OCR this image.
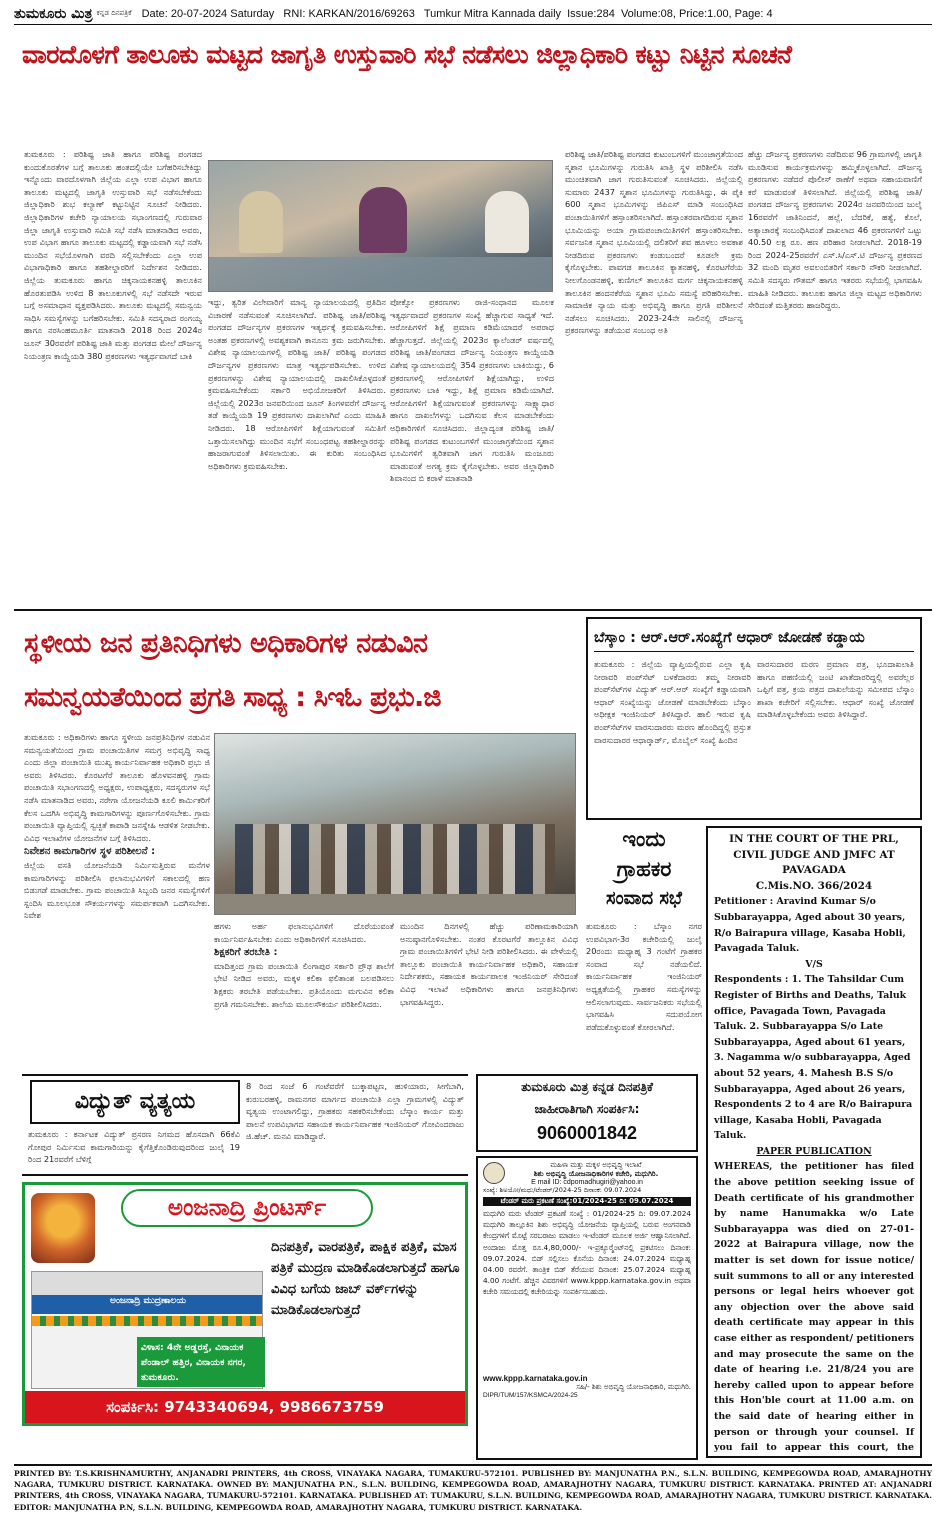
ತುಮಕೂರು ಮಿತ್ರ ಕನ್ನಡ ದಿನಪತ್ರಿಕೆ Date: 20-07-2024 Saturday   RNI: KARKAN/2016/69263   Tumkur Mitra Kannada daily  Issue:284  Volume:08, Price:1.00, Page: 4
ವಾರದೊಳಗೆ ತಾಲೂಕು ಮಟ್ಟದ ಜಾಗೃತಿ ಉಸ್ತುವಾರಿ ಸಭೆ ನಡೆಸಲು ಜಿಲ್ಲಾಧಿಕಾರಿ ಕಟ್ಟು ನಿಟ್ಟಿನ ಸೂಚನೆ
ತುಮಕೂರು : ಪರಿಶಿಷ್ಟ ಜಾತಿ ಹಾಗೂ ಪರಿಶಿಷ್ಟ ಪಂಗಡದ ಕುಂದುಕೊರತೆಗಳ ಬಗ್ಗೆ ತಾಲೂಕು ಹಂತದಲ್ಲಿಯೇ ಬಗೆಹರಿಸಬೇಕಿದ್ದು ಇನ್ನೊಂದು ವಾರದೊಳಗಾಗಿ ಜಿಲ್ಲೆಯ ಎಲ್ಲಾ ಉಪ ವಿಭಾಗ ಹಾಗೂ ತಾಲೂಕು ಮಟ್ಟದಲ್ಲಿ ಜಾಗೃತಿ ಉಸ್ತುವಾರಿ ಸಭೆ ನಡೆಸಬೇಕೆಂದು ಜಿಲ್ಲಾಧಿಕಾರಿ ಶುಭ ಕಲ್ಯಾಣ್ ಕಟ್ಟುನಿಟ್ಟಿನ ಸೂಚನೆ ನೀಡಿದರು. ಜಿಲ್ಲಾಧಿಕಾರಿಗಳ ಕಚೇರಿ ನ್ಯಾಯಾಲಯ ಸಭಾಂಗಣದಲ್ಲಿ ಗುರುವಾರ ಜಿಲ್ಲಾ ಜಾಗೃತಿ ಉಸ್ತುವಾರಿ ಸಮಿತಿ ಸಭೆ ನಡೆಸಿ ಮಾತನಾಡಿದ ಅವರು, ಉಪ ವಿಭಾಗ ಹಾಗೂ ತಾಲೂಕು ಮಟ್ಟದಲ್ಲಿ ಕಡ್ಡಾಯವಾಗಿ ಸಭೆ ನಡೆಸಿ ಮುಂದಿನ ಸಭೆಯೊಳಗಾಗಿ ವರದಿ ಸಲ್ಲಿಸಬೇಕೆಂದು ಎಲ್ಲಾ ಉಪ ವಿಭಾಗಾಧಿಕಾರಿ ಹಾಗೂ ತಹಶೀಲ್ದಾರರಿಗೆ ನಿರ್ದೇಶನ ನೀಡಿದರು. ಜಿಲ್ಲೆಯ ತುಮಕೂರು ಹಾಗೂ ಚಿಕ್ಕನಾಯಕನಹಳ್ಳಿ ತಾಲೂಕಿನ ಹೊರತುಪಡಿಸಿ ಉಳಿದ 8 ತಾಲೂಕುಗಳಲ್ಲಿ ಸಭೆ ನಡೆಸದೇ ಇರುವ ಬಗ್ಗೆ ಅಸಮಾಧಾನ ವ್ಯಕ್ತಪಡಿಸಿದರು. ತಾಲೂಕು ಮಟ್ಟದಲ್ಲಿ ಸಮನ್ವಯ ಸಾಧಿಸಿ ಸಮಸ್ಯೆಗಳನ್ನು ಬಗೆಹರಿಸಬೇಕು. ಸಮಿತಿ ಸದಸ್ಯರಾದ ರಂಗಯ್ಯ ಹಾಗೂ ನರಸಿಂಹಮೂರ್ತಿ ಮಾತನಾಡಿ 2018 ರಿಂದ 2024ರ ಜೂನ್ 30ರವರೆಗೆ ಪರಿಶಿಷ್ಟ ಜಾತಿ ಮತ್ತು ಪಂಗಡದ ಮೇಲೆ ದೌರ್ಜನ್ಯ ನಿಯಂತ್ರಣ ಕಾಯ್ದೆಯಡಿ 380 ಪ್ರಕರಣಗಳು ಇತ್ಯರ್ಥವಾಗದೆ ಬಾಕಿ
ಇದ್ದು, ತ್ವರಿತ ವಿಲೇವಾರಿಗೆ ಮಾನ್ಯ ನ್ಯಾಯಾಲಯದಲ್ಲಿ ಪ್ರತಿದಿನ ವಿಚಾರಣೆ ನಡೆಸುವಂತೆ ಸೂಚಿಸಲಾಗಿದೆ. ಪರಿಶಿಷ್ಟ ಜಾತಿ/ಪರಿಶಿಷ್ಟ ಪಂಗಡದ ದೌರ್ಜನ್ಯಗಳ ಪ್ರಕರಣಗಳ ಇತ್ಯರ್ಥಕ್ಕೆ ಕ್ರಮವಹಿಸಬೇಕು. ಅಂತಹ ಪ್ರಕರಣಗಳಲ್ಲಿ ಅವಶ್ಯಕವಾಗಿ ಕಾನೂನು ಕ್ರಮ ಜರುಗಿಸಬೇಕು. ವಿಶೇಷ ನ್ಯಾಯಾಲಯಗಳಲ್ಲಿ ಪರಿಶಿಷ್ಟ ಜಾತಿ/ ಪರಿಶಿಷ್ಟ ಪಂಗಡದ ದೌರ್ಜನ್ಯಗಳ ಪ್ರಕರಣಗಳು ಮಾತ್ರ ಇತ್ಯರ್ಥಪಡಿಸಬೇಕು. ಉಳಿದ ಪ್ರಕರಣಗಳನ್ನು ವಿಶೇಷ ನ್ಯಾಯಾಲಯದಲ್ಲಿ ದಾಖಲಿಸಿಕೊಳ್ಳದಂತೆ ಕ್ರಮವಹಿಸಬೇಕೆಂದು ಸರ್ಕಾರಿ ಅಭಿಯೋಜಕರಿಗೆ ತಿಳಿಸಿದರು. ಜಿಲ್ಲೆಯಲ್ಲಿ 2023ರ ಜನವರಿಯಿಂದ ಜೂನ್ ತಿಂಗಳವರೆಗೆ ದೌರ್ಜನ್ಯ ತಡೆ ಕಾಯ್ದೆಯಡಿ 19 ಪ್ರಕರಣಗಳು ದಾಖಲಾಗಿವೆ ಎಂದು ಮಾಹಿತಿ ನೀಡಿದರು. 18 ಆರೋಪಿಗಳಿಗೆ ಶಿಕ್ಷೆಯಾಗುವಂತೆ ಸಮಿತಿಗೆ ಒತ್ತಾಯಿಸಲಾಗಿದ್ದು ಮುಂದಿನ ಸಭೆಗೆ ಸಂಬಂಧಪಟ್ಟ ತಹಶೀಲ್ದಾರರನ್ನು ಹಾಜರಾಗುವಂತೆ ತಿಳಿಸಲಾಯಿತು. ಈ ಕುರಿತು ಸಂಬಂಧಿಸಿದ ಅಧಿಕಾರಿಗಳು ಕ್ರಮವಹಿಸಬೇಕು.
ಪೋಕ್ಸೋ ಪ್ರಕರಣಗಳು ರಾಜಿ-ಸಂಧಾನದ ಮೂಲಕ ಇತ್ಯರ್ಥವಾದರೆ ಪ್ರಕರಣಗಳ ಸಂಖ್ಯೆ ಹೆಚ್ಚಾಗುವ ಸಾಧ್ಯತೆ ಇದೆ. ಆರೋಪಿಗಳಿಗೆ ಶಿಕ್ಷೆ ಪ್ರಮಾಣ ಕಡಿಮೆಯಾದರೆ ಅಪರಾಧ ಹೆಚ್ಚಾಗುತ್ತದೆ. ಜಿಲ್ಲೆಯಲ್ಲಿ 2023ರ ಕ್ಯಾಲೆಂಡರ್ ವರ್ಷದಲ್ಲಿ ಪರಿಶಿಷ್ಟ ಜಾತಿ/ಪಂಗಡದ ದೌರ್ಜನ್ಯ ನಿಯಂತ್ರಣ ಕಾಯ್ದೆಯಡಿ ವಿಶೇಷ ನ್ಯಾಯಾಲಯದಲ್ಲಿ 354 ಪ್ರಕರಣಗಳು ಬಾಕಿಯಿದ್ದು, 6 ಪ್ರಕರಣಗಳಲ್ಲಿ ಆರೋಪಿಗಳಿಗೆ ಶಿಕ್ಷೆಯಾಗಿದ್ದು, ಉಳಿದ ಪ್ರಕರಣಗಳು ಬಾಕಿ ಇದ್ದು, ಶಿಕ್ಷೆ ಪ್ರಮಾಣ ಕಡಿಮೆಯಾಗಿದೆ. ಆರೋಪಿಗಳಿಗೆ ಶಿಕ್ಷೆಯಾಗುವಂತೆ ಪ್ರಕರಣಗಳನ್ನು ಸಾಕ್ಷ್ಯಾಧಾರ ಹಾಗೂ ದಾಖಲೆಗಳನ್ನು ಒದಗಿಸುವ ಕೆಲಸ ಮಾಡಬೇಕೆಂದು ಅಧಿಕಾರಿಗಳಿಗೆ ಸೂಚಿಸಿದರು. ಜಿಲ್ಲಾದ್ಯಂತ ಪರಿಶಿಷ್ಟ ಜಾತಿ/ಪರಿಶಿಷ್ಟ ಪಂಗಡದ ಕುಟುಂಬಗಳಿಗೆ ಮುಂಜಾಗ್ರತೆಯಿಂದ ಸ್ಮಶಾನ ಭೂಮಿಗಳಿಗೆ ತ್ವರಿತವಾಗಿ ಜಾಗ ಗುರುತಿಸಿ ಮಂಜೂರು ಮಾಡುವಂತೆ ಅಗತ್ಯ ಕ್ರಮ ಕೈಗೊಳ್ಳಬೇಕು. ಅವರ ಜಿಲ್ಲಾಧಿಕಾರಿ ಶಿವಾನಂದ ಬಿ ಕರಾಳೆ ಮಾತನಾಡಿ
ಪರಿಶಿಷ್ಟ ಜಾತಿ/ಪರಿಶಿಷ್ಟ ಪಂಗಡದ ಕುಟುಂಬಗಳಿಗೆ ಮುಂಜಾಗ್ರತೆಯಿಂದ ಸ್ಮಶಾನ ಭೂಮಿಗಳನ್ನು ಗುರುತಿಸಿ ಖಾತ್ರಿ ಸ್ಥಳ ಪರಿಶೀಲಿಸಿ ನಡೆಸಿ ಮುಂಚಿತವಾಗಿ ಜಾಗ ಗುರುತಿಸುವಂತೆ ಸೂಚಿಸಿದರು. ಜಿಲ್ಲೆಯಲ್ಲಿ ಸುಮಾರು 2437 ಸ್ಮಶಾನ ಭೂಮಿಗಳನ್ನು ಗುರುತಿಸಿದ್ದು, ಈ ಪೈಕಿ 600 ಸ್ಮಶಾನ ಭೂಮಿಗಳನ್ನು ಜಿಪಿಎಸ್ ಮಾಡಿ ಸಂಬಂಧಿಸಿದ ಪಂಚಾಯಿತಿಗಳಿಗೆ ಹಸ್ತಾಂತರಿಸಲಾಗಿದೆ. ಹಸ್ತಾಂತರವಾಗದಿರುವ ಸ್ಮಶಾನ ಭೂಮಿಯನ್ನು ಅಯಾ ಗ್ರಾಮಪಂಚಾಯಿತಿಗಳಿಗೆ ಹಸ್ತಾಂತರಿಸಬೇಕು. ಸರ್ವಜನಿಕ ಸ್ಮಶಾನ ಭೂಮಿಯಲ್ಲಿ ದಲಿತರಿಗೆ ಶವ ಹೂಳಲು ಅವಕಾಶ ನೀಡದಿರುವ ಪ್ರಕರಣಗಳು ಕಂಡುಬಂದರೆ ಕೂಡಲೇ ಕ್ರಮ ಕೈಗೊಳ್ಳಬೇಕು. ಪಾವಗಡ ತಾಲೂಕಿನ ಕ್ಯಾತನಹಳ್ಳಿ, ಕೊರಟಗೆರೆಯ ನೀಲಗೊಂಡನಹಳ್ಳಿ, ಕುಣಿಗಲ್ ತಾಲೂಕಿನ ಮರ್ಗ ಚಿಕ್ಕನಾಯಕನಹಳ್ಳಿ ತಾಲೂಕಿನ ಹಂದನಕೆರೆಯ ಸ್ಮಶಾನ ಭೂಮಿ ಸಮಸ್ಯೆ ಪರಿಹರಿಸಬೇಕು. ಸಾಮಾಜಿಕ ನ್ಯಾಯ ಮತ್ತು ಅಭಿವೃದ್ಧಿ ಹಾಗೂ ಪ್ರಗತಿ ಪರಿಶೀಲನೆ ನಡೆಸಲು ಸೂಚಿಸಿದರು. 2023-24ನೇ ಸಾಲಿನಲ್ಲಿ ದೌರ್ಜನ್ಯ ಪ್ರಕರಣಗಳನ್ನು ತಡೆಯುವ ಸಂಬಂಧ ಅತಿ
ಹೆಚ್ಚು ದೌರ್ಜನ್ಯ ಪ್ರಕರಣಗಳು ನಡೆದಿರುವ 96 ಗ್ರಾಮಗಳಲ್ಲಿ ಜಾಗೃತಿ ಮೂಡಿಸುವ ಕಾರ್ಯಕ್ರಮಗಳನ್ನು ಹಮ್ಮಿಕೊಳ್ಳಲಾಗಿದೆ. ದೌರ್ಜನ್ಯ ಪ್ರಕರಣಗಳು ನಡೆದರೆ ಪೊಲೀಸ್ ಠಾಣೆಗೆ ಅಥವಾ ಸಹಾಯವಾಣಿಗೆ ಕರೆ ಮಾಡುವಂತೆ ತಿಳಿಸಲಾಗಿದೆ. ಜಿಲ್ಲೆಯಲ್ಲಿ ಪರಿಶಿಷ್ಟ ಜಾತಿ/ಪಂಗಡದ ದೌರ್ಜನ್ಯ ಪ್ರಕರಣಗಳು 2024ರ ಜನವರಿಯಿಂದ ಜುಲೈ 16ರವರೆಗೆ ಜಾತಿನಿಂದನೆ, ಹಲ್ಲೆ, ಬೆದರಿಕೆ, ಹತ್ಯೆ, ಕೊಲೆ, ಅತ್ಯಾಚಾರಕ್ಕೆ ಸಂಬಂಧಿಸಿದಂತೆ ದಾಖಲಾದ 46 ಪ್ರಕರಣಗಳಿಗೆ ಒಟ್ಟು 40.50 ಲಕ್ಷ ರೂ. ಹಣ ಪರಿಹಾರ ನೀಡಲಾಗಿದೆ. 2018-19 ರಿಂದ 2024-25ರವರೆಗೆ ಎಸ್.ಸಿ/ಎಸ್.ಟಿ ದೌರ್ಜನ್ಯ ಪ್ರಕರಣದ 32 ಮಂದಿ ಮೃತರ ಅವಲಂಬಿತರಿಗೆ ಸರ್ಕಾರಿ ನೌಕರಿ ನೀಡಲಾಗಿದೆ. ಸಮಿತಿ ಸದಸ್ಯರು ಗೌತಮ್ ಹಾಗೂ ಇತರರು ಸಭೆಯಲ್ಲಿ ಭಾಗವಹಿಸಿ ಮಾಹಿತಿ ನೀಡಿದರು. ತಾಲೂಕು ಹಾಗೂ ಜಿಲ್ಲಾ ಮಟ್ಟದ ಅಧಿಕಾರಿಗಳು ಸೇರಿದಂತೆ ಮತ್ತಿತರರು ಹಾಜರಿದ್ದರು.
ಸ್ಥಳೀಯ ಜನ ಪ್ರತಿನಿಧಿಗಳು ಅಧಿಕಾರಿಗಳ ನಡುವಿನ
ಸಮನ್ವಯತೆಯಿಂದ ಪ್ರಗತಿ ಸಾಧ್ಯ : ಸಿಇಓ ಪ್ರಭು.ಜಿ
ತುಮಕೂರು : ಅಧಿಕಾರಿಗಳು ಹಾಗೂ ಸ್ಥಳೀಯ ಜನಪ್ರತಿನಿಧಿಗಳ ನಡುವಿನ ಸಮನ್ವಯತೆಯಿಂದ ಗ್ರಾಮ ಪಂಚಾಯಿತಿಗಳ ಸಮಗ್ರ ಅಭಿವೃದ್ಧಿ ಸಾಧ್ಯ ಎಂದು ಜಿಲ್ಲಾ ಪಂಚಾಯಿತಿ ಮುಖ್ಯ ಕಾರ್ಯನಿರ್ವಾಹಕ ಅಧಿಕಾರಿ ಪ್ರಭು ಜಿ ಅವರು ತಿಳಿಸಿದರು. ಕೊರಟಗೆರೆ ತಾಲೂಕು ಹೊಳವನಹಳ್ಳಿ ಗ್ರಾಮ ಪಂಚಾಯಿತಿ ಸಭಾಂಗಣದಲ್ಲಿ ಅಧ್ಯಕ್ಷರು, ಉಪಾಧ್ಯಕ್ಷರು, ಸದಸ್ಯರುಗಳ ಸಭೆ ನಡೆಸಿ ಮಾತನಾಡಿದ ಅವರು, ನರೇಗಾ ಯೋಜನೆಯಡಿ ಕೂಲಿ ಕಾರ್ಮಿಕರಿಗೆ ಕೆಲಸ ಒದಗಿಸಿ ಅಭಿವೃದ್ಧಿ ಕಾಮಗಾರಿಗಳನ್ನು ಪೂರ್ಣಗೊಳಿಸಬೇಕು. ಗ್ರಾಮ ಪಂಚಾಯಿತಿ ವ್ಯಾಪ್ತಿಯಲ್ಲಿ ಸ್ವಚ್ಛತೆ ಕಾಪಾಡಿ ಜನಸ್ನೇಹಿ ಆಡಳಿತ ನೀಡಬೇಕು. ವಿವಿಧ ಇಲಾಖೆಗಳ ಯೋಜನೆಗಳ ಬಗ್ಗೆ ತಿಳಿಸಿದರು.
ನಿವೇಶನ ಕಾಮಗಾರಿಗಳ ಸ್ಥಳ ಪರಿಶೀಲನೆ :
ಜಿಲ್ಲೆಯ ವಸತಿ ಯೋಜನೆಯಡಿ ನಿರ್ಮಿಸುತ್ತಿರುವ ಮನೆಗಳ ಕಾಮಗಾರಿಗಳನ್ನು ಪರಿಶೀಲಿಸಿ ಫಲಾನುಭವಿಗಳಿಗೆ ಸಕಾಲದಲ್ಲಿ ಹಣ ಬಿಡುಗಡೆ ಮಾಡಬೇಕು. ಗ್ರಾಮ ಪಂಚಾಯಿತಿ ಸಿಬ್ಬಂದಿ ಜನರ ಸಮಸ್ಯೆಗಳಿಗೆ ಸ್ಪಂದಿಸಿ ಮೂಲಭೂತ ಸೌಕರ್ಯಗಳನ್ನು ಸಮರ್ಪಕವಾಗಿ ಒದಗಿಸಬೇಕು. ನಿವೇಶ
ಹಗಳು ಅರ್ಹ ಫಲಾನುಭವಿಗಳಿಗೆ ದೊರೆಯುವಂತೆ ಕಾರ್ಯನಿರ್ವಹಿಸಬೇಕು ಎಂದು ಅಧಿಕಾರಿಗಳಿಗೆ ಸೂಚಿಸಿದರು.
ಶಿಕ್ಷಕರಿಗೆ ತರಬೇತಿ :
ಮಾದಿತ್ತಂದ ಗ್ರಾಮ ಪಂಚಾಯಿತಿ ಲಿಂಗಾಪುರ ಸರ್ಕಾರಿ ಪ್ರೌಢ ಶಾಲೆಗೆ ಭೇಟಿ ನೀಡಿದ ಅವರು, ಮಕ್ಕಳ ಕಲಿಕಾ ಫಲಿತಾಂಶ ಬಲಪಡಿಸಲು ಶಿಕ್ಷಕರು ತರಬೇತಿ ಪಡೆಯಬೇಕು. ಪ್ರತಿಯೊಂದು ಮಗುವಿನ ಕಲಿಕಾ ಪ್ರಗತಿ ಗಮನಿಸಬೇಕು. ಶಾಲೆಯ ಮೂಲಸೌಕರ್ಯ ಪರಿಶೀಲಿಸಿದರು.
ಮುಂದಿನ ದಿನಗಳಲ್ಲಿ ಹೆಚ್ಚು ಪರಿಣಾಮಕಾರಿಯಾಗಿ ಅನುಷ್ಠಾನಗೊಳಿಸಬೇಕು. ನಂತರ ಕೊರಟಗೆರೆ ತಾಲ್ಲೂಕಿನ ವಿವಿಧ ಗ್ರಾಮ ಪಂಚಾಯಿತಿಗಳಿಗೆ ಭೇಟಿ ನೀಡಿ ಪರಿಶೀಲಿಸಿದರು. ಈ ವೇಳೆಯಲ್ಲಿ ತಾಲ್ಲೂಕು ಪಂಚಾಯಿತಿ ಕಾರ್ಯನಿರ್ವಾಹಕ ಅಧಿಕಾರಿ, ಸಹಾಯಕ ನಿರ್ದೇಶಕರು, ಸಹಾಯಕ ಕಾರ್ಯಪಾಲಕ ಇಂಜಿನಿಯರ್ ಸೇರಿದಂತೆ ವಿವಿಧ ಇಲಾಖೆ ಅಧಿಕಾರಿಗಳು ಹಾಗೂ ಜನಪ್ರತಿನಿಧಿಗಳು ಭಾಗವಹಿಸಿದ್ದರು.
ಬೆಸ್ಕಾಂ : ಆರ್.ಆರ್.ಸಂಖ್ಯೆಗೆ ಆಧಾರ್ ಜೋಡಣೆ ಕಡ್ಡಾಯ
ತುಮಕೂರು : ಜಿಲ್ಲೆಯ ವ್ಯಾಪ್ತಿಯಲ್ಲಿರುವ ಎಲ್ಲಾ ಕೃಷಿ ನೀರಾವರಿ ಪಂಪ್‍ಸೆಟ್ ಬಳಕೆದಾರರು ತಮ್ಮ ನೀರಾವರಿ ಪಂಪ್‍ಸೆಟ್‍ಗಳ ವಿದ್ಯುತ್ ಆರ್.ಆರ್ ಸಂಖ್ಯೆಗೆ ಕಡ್ಡಾಯವಾಗಿ ಆಧಾರ್ ಸಂಖ್ಯೆಯನ್ನು ಜೋಡಣೆ ಮಾಡಬೇಕೆಂದು ಬೆಸ್ಕಾಂ ಅಧೀಕ್ಷಕ ಇಂಜಿನಿಯರ್ ತಿಳಿಸಿದ್ದಾರೆ. ಹಾಲಿ ಇರುವ ಕೃಷಿ ಪಂಪ್‍ಸೆಟ್‍ಗಳ ವಾರಸುದಾರರು ಮರಣ ಹೊಂದಿದ್ದಲ್ಲಿ ಪ್ರಸ್ತುತ ವಾರಸುದಾರರ ಆಧಾರ್‍ಕಾರ್ಡ್, ಮೊಬೈಲ್ ಸಂಖ್ಯೆ ಹಿಂದಿನ
ವಾರಸುದಾರರ ಮರಣ ಪ್ರಮಾಣ ಪತ್ರ, ಭೂದಾಖಲಾತಿ ಹಾಗೂ ಪಹಣಿಯಲ್ಲಿ ಜಂಟಿ ಖಾತೆದಾರರಿದ್ದಲ್ಲಿ ಅವರೆಲ್ಲರ ಒಪ್ಪಿಗೆ ಪತ್ರ, ಕ್ರಯ ಪತ್ರದ ದಾಖಲೆಯನ್ನು ಸಮೀಪದ ಬೆಸ್ಕಾಂ ಶಾಖಾ ಕಚೇರಿಗೆ ಸಲ್ಲಿಸಬೇಕು. ಆಧಾರ್ ಸಂಖ್ಯೆ ಜೋಡಣೆ ಮಾಡಿಸಿಕೊಳ್ಳಬೇಕೆಂದು ಅವರು ತಿಳಿಸಿದ್ದಾರೆ.
ಇಂದು
ಗ್ರಾಹಕರ
ಸಂವಾದ ಸಭೆ
ತುಮಕೂರು : ಬೆಸ್ಕಾಂ ನಗರ ಉಪವಿಭಾಗ-3ರ ಕಚೇರಿಯಲ್ಲಿ ಜುಲೈ 20ರಂದು ಮಧ್ಯಾಹ್ನ 3 ಗಂಟೆಗೆ ಗ್ರಾಹಕರ ಸಂವಾದ ಸಭೆ ನಡೆಯಲಿದೆ. ಕಾರ್ಯನಿರ್ವಾಹಕ ಇಂಜಿನಿಯರ್ ಅಧ್ಯಕ್ಷತೆಯಲ್ಲಿ ಗ್ರಾಹಕರ ಸಮಸ್ಯೆಗಳನ್ನು ಆಲಿಸಲಾಗುವುದು. ಸಾರ್ವಜನಿಕರು ಸಭೆಯಲ್ಲಿ ಭಾಗವಹಿಸಿ ಸದುಪಯೋಗ ಪಡೆದುಕೊಳ್ಳುವಂತೆ ಕೋರಲಾಗಿದೆ.

IN THE COURT OF THE PRL, CIVIL JUDGE AND JMFC AT PAVAGADA

C.Mis.NO. 366/2024

Petitioner : Aravind Kumar S/o Subbarayappa, Aged about 30 years, R/o Bairapura village, Kasaba Hobli, Pavagada Taluk.

V/S

Respondents : 1. The Tahsildar Cum Register of Births and Deaths, Taluk office, Pavagada Town, Pavagada Taluk. 2. Subbarayappa S/o Late Subbarayappa, Aged about 61 years, 3. Nagamma w/o subbarayappa, Aged about 52 years, 4. Mahesh B.S S/o Subbarayappa, Aged about 26 years, Respondents 2 to 4 are R/o Bairapura village, Kasaba Hobli, Pavagada Taluk.

PAPER PUBLICATION

WHEREAS, the petitioner has filed the above petition seeking issue of Death certificate of his grandmother by name Hanumakka w/o Late Subbarayappa was died on 27-01-2022 at Bairapura village, now the matter is set down for issue notice/ suit summons to all or any interested persons or legal heirs whoever got any objection over the above said death certificate may appear in this case either as respondent/ petitioners and may prosecute the same on the date of hearing i.e. 21/8/24 you are hereby called upon to appear before this Hon'ble court at 11.00 a.m. on the said date of hearing either in person or through your counsel. If you fail to appear this court, the

ವಿದ್ಯುತ್ ವ್ಯತ್ಯಯ
ತುಮಕೂರು : ಕರ್ನಾಟಕ ವಿದ್ಯುತ್ ಪ್ರಸರಣ ನಿಗಮದ ಹೊಸದಾಗಿ 66ಕೆವಿ ಗೋಪುರ ನಿರ್ಮಿಸುವ ಕಾಮಗಾರಿಯನ್ನು ಕೈಗೆತ್ತಿಕೊಂಡಿರುವುದರಿಂದ ಜುಲೈ 19 ರಿಂದ 21ರವರೆಗೆ ಬೆಳಿಗ್ಗೆ
8 ರಿಂದ ಸಂಜೆ 6 ಗಂಟೆವರೆಗೆ ಬುಕ್ಕಾಪಟ್ಟಣ, ಹುಳಿಯಾರು, ಸೀಗೆಬಾಗಿ, ಕುರುಬರಹಳ್ಳಿ, ರಾಮನಗರ ಮಾರ್ಗದ ಪಂಚಾಯಿತಿ ಎಲ್ಲಾ ಗ್ರಾಮಗಳಲ್ಲಿ ವಿದ್ಯುತ್ ವ್ಯತ್ಯಯ ಉಂಟಾಗಲಿದ್ದು, ಗ್ರಾಹಕರು ಸಹಕರಿಸಬೇಕೆಂದು ಬೆಸ್ಕಾಂ ಕಾರ್ಯ ಮತ್ತು ಪಾಲನೆ ಉಪವಿಭಾಗದ ಸಹಾಯಕ ಕಾರ್ಯನಿರ್ವಾಹಕ ಇಂಜಿನಿಯರ್ ಗೋವಿಂದರಾಜು ಜಿ.ಹೆಚ್. ಮನವಿ ಮಾಡಿದ್ದಾರೆ.
ತುಮಕೂರು ಮಿತ್ರ ಕನ್ನಡ ದಿನಪತ್ರಿಕೆ
ಜಾಹೀರಾತಿಗಾಗಿ ಸಂಪರ್ಕಿಸಿ:
9060001842
ಅಂಜನಾದ್ರಿ ಪ್ರಿಂಟರ್ಸ್
ಅಂಜನಾದ್ರಿ ಮುದ್ರಣಾಲಯ
ದಿನಪತ್ರಿಕೆ, ವಾರಪತ್ರಿಕೆ, ಪಾಕ್ಷಿಕ ಪತ್ರಿಕೆ, ಮಾಸ ಪತ್ರಿಕೆ ಮುದ್ರಣ ಮಾಡಿಕೊಡಲಾಗುತ್ತದೆ ಹಾಗೂ ವಿವಿಧ ಬಗೆಯ ಜಾಬ್ ವರ್ಕ್‍ಗಳನ್ನು ಮಾಡಿಕೊಡಲಾಗುತ್ತದೆ
ವಿಳಾಸ: 4ನೇ ಅಡ್ಡರಸ್ತೆ, ವಿನಾಯಕ ಪೆಂಡಾಲ್ ಹತ್ತಿರ, ವಿನಾಯಕ ನಗರ, ತುಮಕೂರು.
ಸಂಪರ್ಕಿಸಿ: 9743340694, 9986673759
ಮಹಿಳಾ ಮತ್ತು ಮಕ್ಕಳ ಅಭಿವೃದ್ಧಿ ಇಲಾಖೆ
ಶಿಶು ಅಭಿವೃದ್ಧಿ ಯೋಜನಾಧಿಕಾರಿಗಳ ಕಚೇರಿ, ಮಧುಗಿರಿ.
E mail ID: cdpomadhugiri@yahoo.in
ಸಂಖ್ಯೆ: ಶಿಅಯೋ/ಮಧು/ಟೆಂಡರ್/2024-25 ದಿನಾಂಕ: 09.07.2024
ಟೆಂಡರ್ ಮರು ಪ್ರಕಟಣೆ ಸಂಖ್ಯೆ:01/2024-25 ದಿ: 09.07.2024
ಮಧುಗಿರಿ ಮರು ಟೆಂಡರ್ ಪ್ರಕಟಣೆ ಸಂಖ್ಯೆ : 01/2024-25 ದಿ: 09.07.2024 ಮಧುಗಿರಿ ತಾಲ್ಲೂಕಿನ ಶಿಶು ಅಭಿವೃದ್ಧಿ ಯೋಜನೆಯ ವ್ಯಾಪ್ತಿಯಲ್ಲಿ ಬರುವ ಅಂಗನವಾಡಿ ಕೇಂದ್ರಗಳಿಗೆ ಮೊಟ್ಟೆ ಸರಬರಾಜು ಮಾಡಲು ಇ-ಟೆಂಡರ್ ಮೂಲಕ ಅರ್ಜಿ ಆಹ್ವಾನಿಸಲಾಗಿದೆ. ಅಂದಾಜು ಮೊತ್ತ ರೂ.4,80,000/- ಇ-ಪ್ರಕ್ಯೂರ್‍ಮೆಂಟ್‍ನಲ್ಲಿ ಪ್ರಕಟಿಸಲು ದಿನಾಂಕ: 09.07.2024. ಬಿಡ್ ಸಲ್ಲಿಸಲು ಕೊನೆಯ ದಿನಾಂಕ: 24.07.2024 ಮಧ್ಯಾಹ್ನ 04.00 ರವರೆಗೆ. ತಾಂತ್ರಿಕ ಬಿಡ್ ತೆರೆಯುವ ದಿನಾಂಕ: 25.07.2024 ಮಧ್ಯಾಹ್ನ 4.00 ಗಂಟೆಗೆ. ಹೆಚ್ಚಿನ ವಿವರಗಳಿಗೆ www.kppp.karnataka.gov.in ಅಥವಾ ಕಚೇರಿ ಸಮಯದಲ್ಲಿ ಕಚೇರಿಯನ್ನು ಸಂಪರ್ಕಿಸಬಹುದು.
www.kppp.karnataka.gov.in
ಸಹಿ/- ಶಿಶು ಅಭಿವೃದ್ಧಿ ಯೋಜನಾಧಿಕಾರಿ, ಮಧುಗಿರಿ.
DIPR/TUM/157/KSMCA/2024-25
PRINTED BY: T.S.KRISHNAMURTHY, ANJANADRI PRINTERS, 4th CROSS, VINAYAKA NAGARA, TUMAKURU-572101. PUBLISHED BY: MANJUNATHA P.N., S.L.N. BUILDING, KEMPEGOWDA ROAD, AMARAJHOTHY NAGARA, TUMKURU DISTRICT. KARNATAKA. OWNED BY: MANJUNATHA P.N., S.L.N. BUILDING, KEMPEGOWDA ROAD, AMARAJHOTHY NAGARA, TUMKURU DISTRICT. KARNATAKA. PRINTED AT: ANJANADRI PRINTERS, 4th CROSS, VINAYAKA NAGARA, TUMAKURU-572101. KARNATAKA. PUBLISHED AT: TUMAKURU, S.L.N. BUILDING, KEMPEGOWDA ROAD, AMARAJHOTHY NAGARA, TUMKURU DISTRICT. KARNATAKA. EDITOR: MANJUNATHA P.N, S.L.N. BUILDING, KEMPEGOWDA ROAD, AMARAJHOTHY NAGARA, TUMKURU DISTRICT. KARNATAKA.
